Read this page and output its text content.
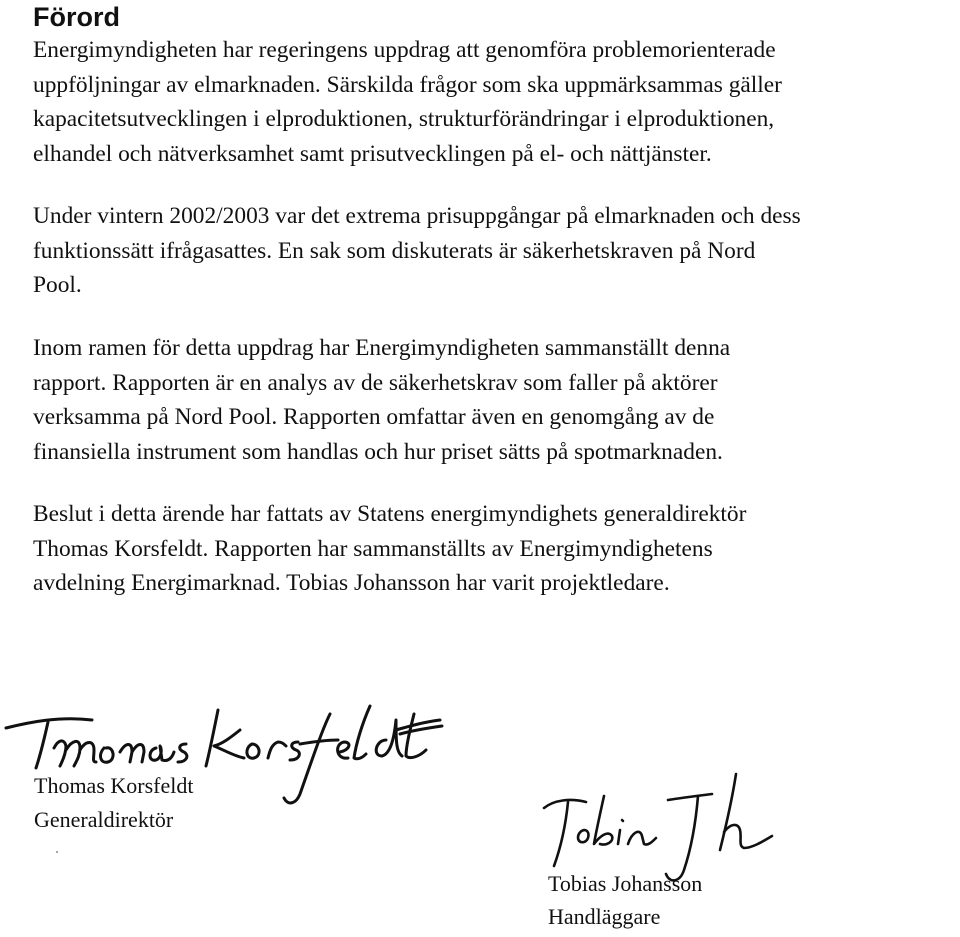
Förord

Energimyndigheten har regeringens uppdrag att genomföra problemorienterade
uppföljningar av elmarknaden. Särskilda frågor som ska uppmärksammas gäller
kapacitetsutvecklingen i elproduktionen, strukturförändringar i elproduktionen,
elhandel och nätverksamhet samt prisutvecklingen på el- och nättjänster.

Under vintern 2002/2003 var det extrema prisuppgångar på elmarknaden och dess
funktionssätt ifrågasattes. En sak som diskuterats är säkerhetskraven på Nord
Pool.

Inom ramen för detta uppdrag har Energimyndigheten sammanställt denna
rapport. Rapporten är en analys av de säkerhetskrav som faller på aktörer
verksamma på Nord Pool. Rapporten omfattar även en genomgång av de
finansiella instrument som handlas och hur priset sätts på spotmarknaden.

Beslut i detta ärende har fattats av Statens energimyndighets generaldirektör
Thomas Korsfeldt. Rapporten har sammanställts av Energimyndighetens
avdelning Energimarknad. Tobias Johansson har varit projektledare.

Thomas Korsfeldt

Generaldirektör

Tobias Johansson

Handläggare
